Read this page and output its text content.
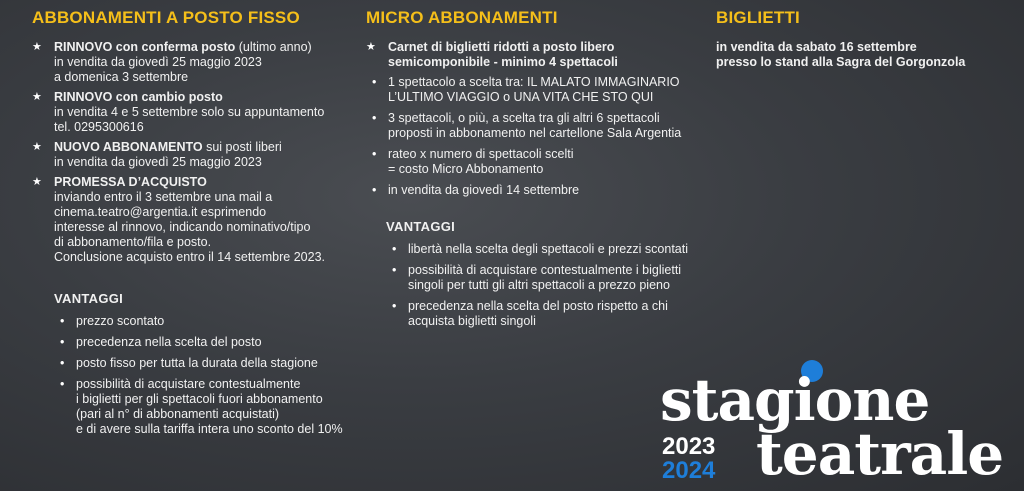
ABBONAMENTI A POSTO FISSO
★ RINNOVO con conferma posto (ultimo anno)
in vendita da giovedì 25 maggio 2023
a domenica 3 settembre
★ RINNOVO con cambio posto
in vendita 4 e 5 settembre solo su appuntamento
tel. 0295300616
★ NUOVO ABBONAMENTO sui posti liberi
in vendita da giovedì 25 maggio 2023
★ PROMESSA D’ACQUISTO
inviando entro il 3 settembre una mail a
cinema.teatro@argentia.it esprimendo
interesse al rinnovo, indicando nominativo/tipo
di abbonamento/fila e posto.
Conclusione acquisto entro il 14 settembre 2023.
VANTAGGI
• prezzo scontato
• precedenza nella scelta del posto
• posto fisso per tutta la durata della stagione
• possibilità di acquistare contestualmente
i biglietti per gli spettacoli fuori abbonamento
(pari al n° di abbonamenti acquistati)
e di avere sulla tariffa intera uno sconto del 10%
MICRO ABBONAMENTI
★ Carnet di biglietti ridotti a posto libero
semicomponibile - minimo 4 spettacoli
• 1 spettacolo a scelta tra: IL MALATO IMMAGINARIO
L’ULTIMO VIAGGIO o UNA VITA CHE STO QUI
• 3 spettacoli, o più, a scelta tra gli altri 6 spettacoli
proposti in abbonamento nel cartellone Sala Argentia
• rateo x numero di spettacoli scelti
= costo Micro Abbonamento
• in vendita da giovedì 14 settembre
VANTAGGI
• libertà nella scelta degli spettacoli e prezzi scontati
• possibilità di acquistare contestualmente i biglietti
singoli per tutti gli altri spettacoli a prezzo pieno
• precedenza nella scelta del posto rispetto a chi
acquista biglietti singoli
BIGLIETTI
in vendita da sabato 16 settembre
presso lo stand alla Sagra del Gorgonzola
stagione
2023
2024 teatrale
